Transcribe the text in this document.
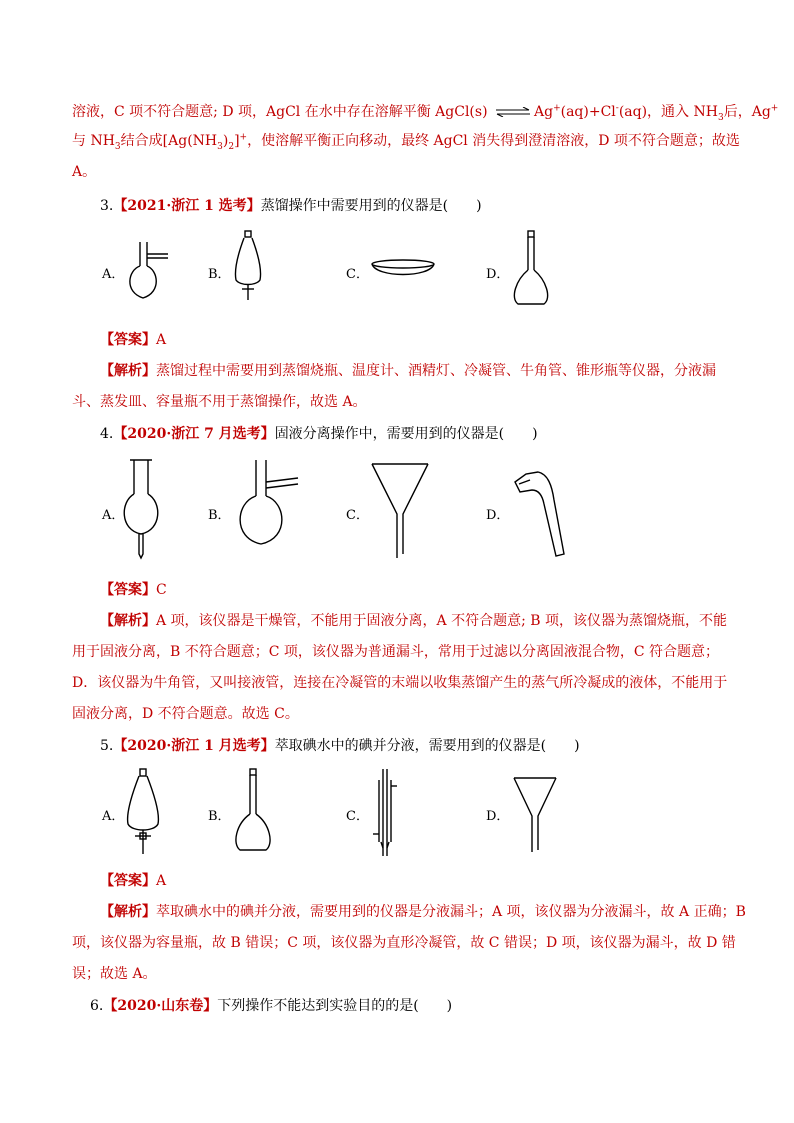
溶液，C 项不符合题意; D 项，AgCl 在水中存在溶解平衡 AgCl(s) ⇌ Ag+(aq)+Cl-(aq)，通入 $NH_3$后，Ag+
与 $NH_3$结合成$[Ag(NH_3)_2]^+$，使溶解平衡正向移动，最终 AgCl 消失得到澄清溶液，D 项不符合题意；故选
A。
3.【2021·浙江 1 选考】蒸馏操作中需要用到的仪器是(　　)
A．	B．	C．	D．
【答案】A
【解析】蒸馏过程中需要用到蒸馏烧瓶、温度计、酒精灯、冷凝管、牛角管、锥形瓶等仪器，分液漏
斗、蒸发皿、容量瓶不用于蒸馏操作，故选 A。
4.【2020·浙江 7 月选考】固液分离操作中，需要用到的仪器是(　　)
A．	B．	C．	D．
【答案】C
【解析】A 项，该仪器是干燥管，不能用于固液分离，A 不符合题意; B 项，该仪器为蒸馏烧瓶，不能
用于固液分离，B 不符合题意；C 项，该仪器为普通漏斗，常用于过滤以分离固液混合物，C 符合题意；
D．该仪器为牛角管，又叫接液管，连接在冷凝管的末端以收集蒸馏产生的蒸气所冷凝成的液体，不能用于
固液分离，D 不符合题意。故选 C。
5.【2020·浙江 1 月选考】萃取碘水中的碘并分液，需要用到的仪器是(　　)
A．	B．	C．	D．
【答案】A
【解析】萃取碘水中的碘并分液，需要用到的仪器是分液漏斗；A 项，该仪器为分液漏斗，故 A 正确；B
项，该仪器为容量瓶，故 B 错误；C 项，该仪器为直形冷凝管，故 C 错误；D 项，该仪器为漏斗，故 D 错
误；故选 A。
6.【2020·山东卷】下列操作不能达到实验目的的是(　　)
